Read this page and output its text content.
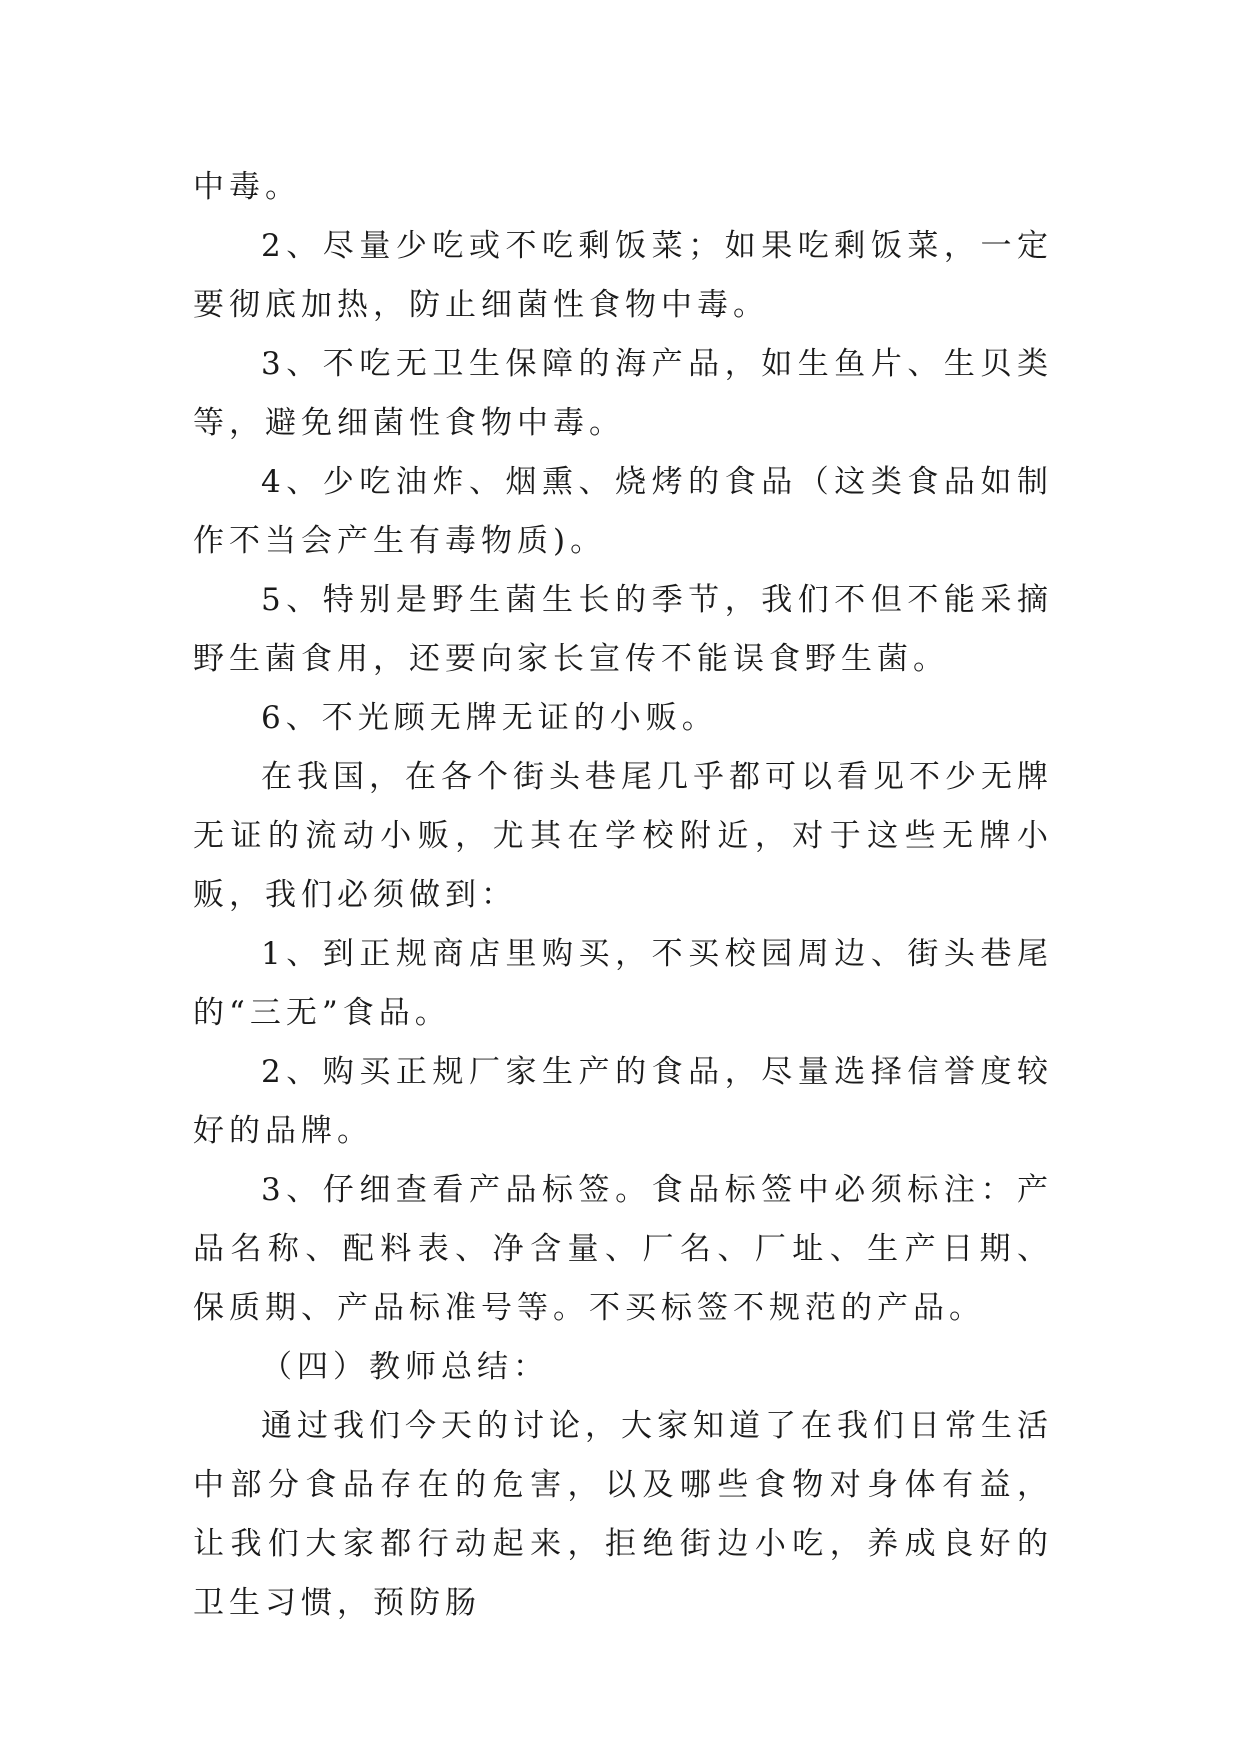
中毒。

2、尽量少吃或不吃剩饭菜；如果吃剩饭菜，一定要彻底加热，防止细菌性食物中毒。

3、不吃无卫生保障的海产品，如生鱼片、生贝类等，避免细菌性食物中毒。

4、少吃油炸、烟熏、烧烤的食品（这类食品如制作不当会产生有毒物质)。

5、特别是野生菌生长的季节，我们不但不能采摘野生菌食用，还要向家长宣传不能误食野生菌。

6、不光顾无牌无证的小贩。

在我国，在各个街头巷尾几乎都可以看见不少无牌无证的流动小贩，尤其在学校附近，对于这些无牌小贩，我们必须做到：

1、到正规商店里购买，不买校园周边、街头巷尾的“三无”食品。

2、购买正规厂家生产的食品，尽量选择信誉度较好的品牌。

3、仔细查看产品标签。食品标签中必须标注：产品名称、配料表、净含量、厂名、厂址、生产日期、保质期、产品标准号等。不买标签不规范的产品。

（四）教师总结：

通过我们今天的讨论，大家知道了在我们日常生活中部分食品存在的危害，以及哪些食物对身体有益，让我们大家都行动起来，拒绝街边小吃，养成良好的卫生习惯，预防肠
